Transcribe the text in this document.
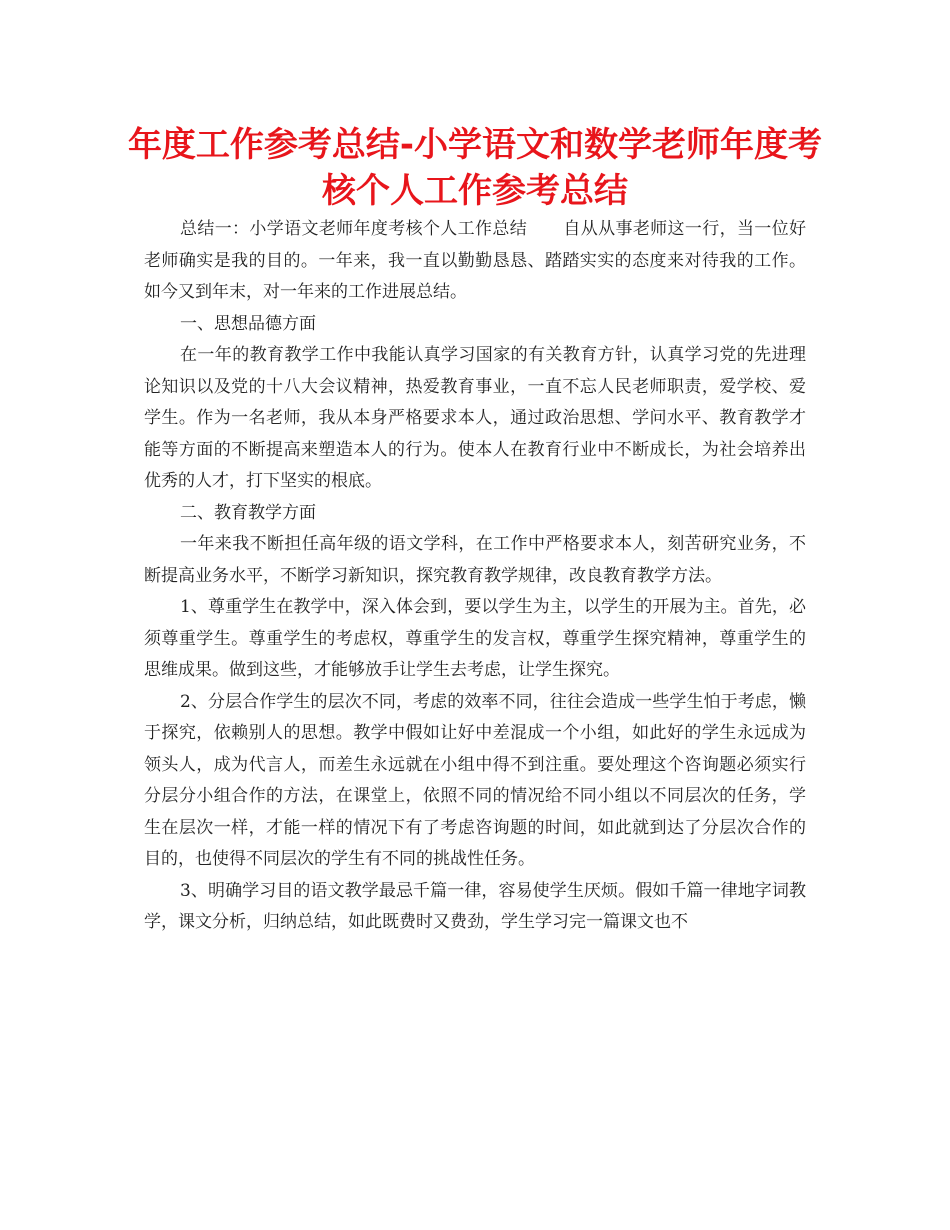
年度工作参考总结-小学语文和数学老师年度考核个人工作参考总结

总结一：小学语文老师年度考核个人工作总结 自从从事老师这一行，当一位好老师确实是我的目的。一年来，我一直以勤勤恳恳、踏踏实实的态度来对待我的工作。如今又到年末，对一年来的工作进展总结。

一、思想品德方面

在一年的教育教学工作中我能认真学习国家的有关教育方针，认真学习党的先进理论知识以及党的十八大会议精神，热爱教育事业，一直不忘人民老师职责，爱学校、爱学生。作为一名老师，我从本身严格要求本人，通过政治思想、学问水平、教育教学才能等方面的不断提高来塑造本人的行为。使本人在教育行业中不断成长，为社会培养出优秀的人才，打下坚实的根底。

二、教育教学方面

一年来我不断担任高年级的语文学科，在工作中严格要求本人，刻苦研究业务，不断提高业务水平，不断学习新知识，探究教育教学规律，改良教育教学方法。

1、尊重学生在教学中，深入体会到，要以学生为主，以学生的开展为主。首先，必须尊重学生。尊重学生的考虑权，尊重学生的发言权，尊重学生探究精神，尊重学生的思维成果。做到这些，才能够放手让学生去考虑，让学生探究。

2、分层合作学生的层次不同，考虑的效率不同，往往会造成一些学生怕于考虑，懒于探究，依赖别人的思想。教学中假如让好中差混成一个小组，如此好的学生永远成为领头人，成为代言人，而差生永远就在小组中得不到注重。要处理这个咨询题必须实行分层分小组合作的方法，在课堂上，依照不同的情况给不同小组以不同层次的任务，学生在层次一样，才能一样的情况下有了考虑咨询题的时间，如此就到达了分层次合作的目的，也使得不同层次的学生有不同的挑战性任务。

3、明确学习目的语文教学最忌千篇一律，容易使学生厌烦。假如千篇一律地字词教学，课文分析，归纳总结，如此既费时又费劲，学生学习完一篇课文也不
